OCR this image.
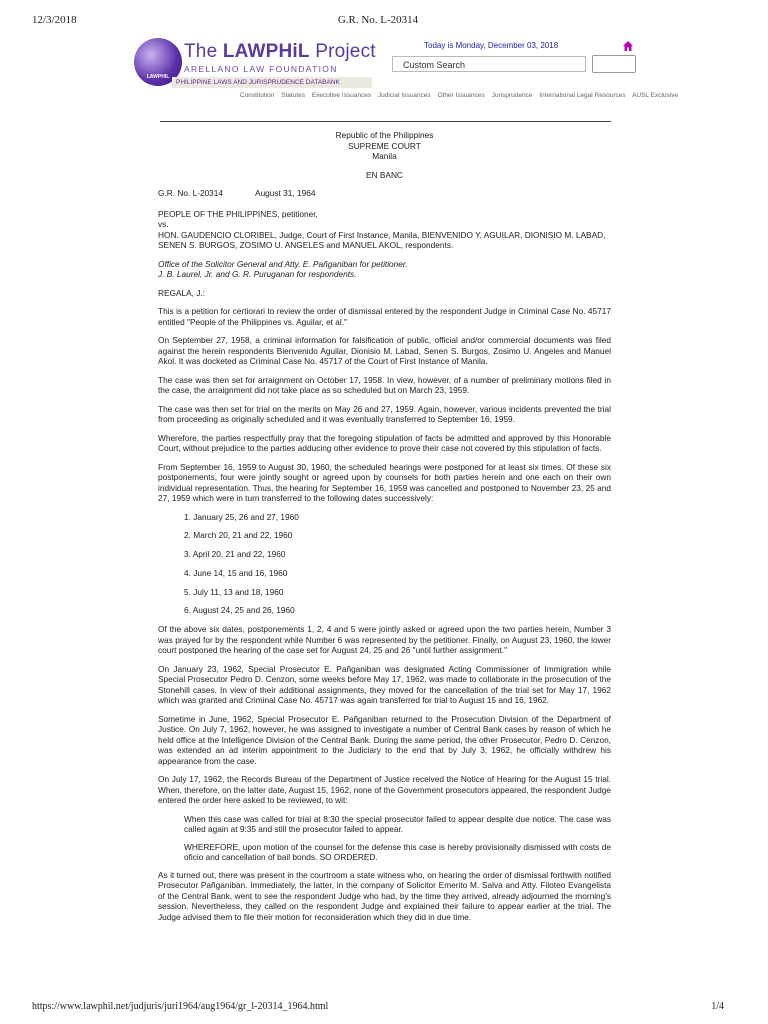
12/3/2018	G.R. No. L-20314
LAWPHIL
The LAWPHiL Project
ARELLANO LAW FOUNDATION
PHILIPPINE LAWS AND JURISPRUDENCE DATABANK
Today is Monday, December 03, 2018
Custom Search
Constitution Statutes Executive Issuances Judicial Issuances Other Issuances Jurisprudence International Legal Resources AUSL Exclusive

Republic of the Philippines
SUPREME COURT
Manila

EN BANC

G.R. No. L-20314	August 31, 1964

PEOPLE OF THE PHILIPPINES, petitioner,
vs.
HON. GAUDENCIO CLORIBEL, Judge, Court of First Instance, Manila, BIENVENIDO Y. AGUILAR, DIONISIO M. LABAD, SENEN S. BURGOS, ZOSIMO U. ANGELES and MANUEL AKOL, respondents.

Office of the Solicitor General and Atty. E. Pañganiban for petitioner.
J. B. Laurel, Jr. and G. R. Puruganan for respondents.

REGALA, J.:

This is a petition for certiorari to review the order of dismissal entered by the respondent Judge in Criminal Case No. 45717 entitled "People of the Philippines vs. Aguilar, et al."

On September 27, 1958, a criminal information for falsification of public, official and/or commercial documents was filed against the herein respondents Bienvenido Aguilar, Dionisio M. Labad, Senen S. Burgos, Zosimo U. Angeles and Manuel Akol. It was docketed as Criminal Case No. 45717 of the Court of First Instance of Manila.

The case was then set for arraignment on October 17, 1958. In view, however, of a number of preliminary motions filed in the case, the arraignment did not take place as so scheduled but on March 23, 1959.

The case was then set for trial on the merits on May 26 and 27, 1959. Again, however, various incidents prevented the trial from proceeding as originally scheduled and it was eventually transferred to September 16, 1959.

Wherefore, the parties respectfully pray that the foregoing stipulation of facts be admitted and approved by this Honorable Court, without prejudice to the parties adducing other evidence to prove their case not covered by this stipulation of facts.

From September 16, 1959 to August 30, 1960, the scheduled hearings were postponed for at least six times. Of these six postponements, four were jointly sought or agreed upon by counsels for both parties herein and one each on their own individual representation. Thus, the hearing for September 16, 1959 was cancelled and postponed to November 23, 25 and 27, 1959 which were in turn transferred to the following dates successively:

1. January 25, 26 and 27, 1960
2. March 20, 21 and 22, 1960
3. April 20, 21 and 22, 1960
4. June 14, 15 and 16, 1960
5. July 11, 13 and 18, 1960
6. August 24, 25 and 26, 1960

Of the above six dates, postponements 1, 2, 4 and 5 were jointly asked or agreed upon the two parties herein, Number 3 was prayed for by the respondent while Number 6 was represented by the petitioner. Finally, on August 23, 1960, the lower court postponed the hearing of the case set for August 24, 25 and 26 "until further assignment."

On January 23, 1962, Special Prosecutor E. Pañganiban was designated Acting Commissioner of Immigration while Special Prosecutor Pedro D. Cenzon, some weeks before May 17, 1962, was made to collaborate in the prosecution of the Stonehill cases. In view of their additional assignments, they moved for the cancellation of the trial set for May 17, 1962 which was granted and Criminal Case No. 45717 was again transferred for trial to August 15 and 16, 1962.

Sometime in June, 1962, Special Prosecutor E. Pañganiban returned to the Prosecution Division of the Department of Justice. On July 7, 1962, however, he was assigned to investigate a number of Central Bank cases by reason of which he held office at the Intelligence Division of the Central Bank. During the same period, the other Prosecutor, Pedro D. Cenzon, was extended an ad interim appointment to the Judiciary to the end that by July 3, 1962, he officially withdrew his appearance from the case.

On July 17, 1962, the Records Bureau of the Department of Justice received the Notice of Hearing for the August 15 trial. When, therefore, on the latter date, August 15, 1962, none of the Government prosecutors appeared, the respondent Judge entered the order here asked to be reviewed, to wit:

When this case was called for trial at 8:30 the special prosecutor failed to appear despite due notice. The case was called again at 9:35 and still the prosecutor failed to appear.

WHEREFORE, upon motion of the counsel for the defense this case is hereby provisionally dismissed with costs de oficio and cancellation of bail bonds. SO ORDERED.

As it turned out, there was present in the courtroom a state witness who, on hearing the order of dismissal forthwith notified Prosecutor Pañganiban. Immediately, the latter, in the company of Solicitor Emerito M. Salva and Atty. Filoteo Evangelista of the Central Bank, went to see the respondent Judge who had, by the time they arrived, already adjourned the morning's session. Nevertheless, they called on the respondent Judge and explained their failure to appear earlier at the trial. The Judge advised them to file their motion for reconsideration which they did in due time.

https://www.lawphil.net/judjuris/juri1964/aug1964/gr_l-20314_1964.html	1/4
